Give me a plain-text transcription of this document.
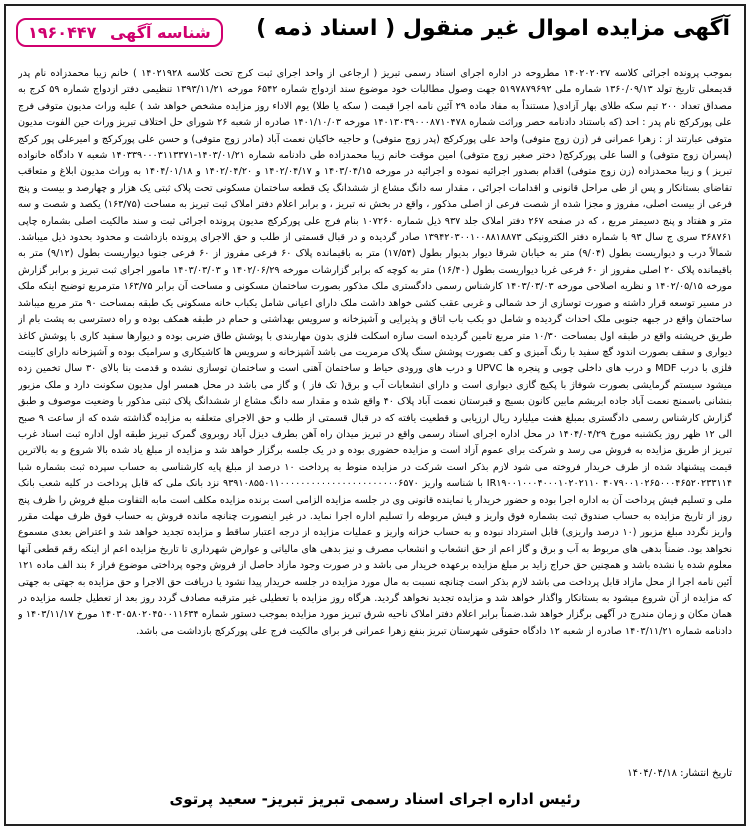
آگهی مزایده اموال غیر منقول ( اسناد ذمه )
شناسه آگهی ۱۹۶۰۴۴۷
بموجب پرونده اجرائی کلاسه ۱۴۰۲۰۲۰۲۷ مطروحه در اداره اجرای اسناد رسمی تبریز ( ارجاعی از واحد اجرای ثبت کرج تحت کلاسه ۱۴۰۲۱۹۲۸ ) خانم زیبا محمدزاده نام پدر قدیمعلی تاریخ تولد ۱۳۶۰/۰۹/۱۳ شماره ملی ۵۱۹۷۸۷۹۶۹۲ جهت وصول مطالبات خود موضوع سند ازدواج شماره ۶۵۴۲ مورخه ۱۳۹۳/۱۱/۲۱ تنظیمی دفتر ازدواج شماره ۵۹ کرج به مصداق تعداد ۲۰۰ تیم سکه طلای بهار آزادی( مستنداً به مفاد ماده ۲۹ آئین نامه اجرا قیمت ( سکه یا طلا) یوم الاداء روز مزایده مشخص خواهد شد ) علیه وراث مدیون متوفی فرج علی پورکرکج نام پدر : احد (که باستناد دادنامه حصر وراثت شماره ۱۴۰۱۳۰۳۹۰۰۰۸۷۱۰۴۷۸ مورخه ۱۴۰۱/۱۰/۰۳ صادره از شعبه ۲۶ شورای حل اختلاف تبریز وراث حین الفوت مدیون متوفی عبارتند از : زهرا عمرانی فر (زن زوج متوفی) واحد علی پورکرکج (پدر زوج متوفی) و حاجیه خاکیان نعمت آباد (مادر زوج متوفی) و حسن علی پورکرکج و امیرعلی پور کرکج (پسران زوج متوفی) و السا علی پورکرکج( دختر صغیر زوج متوفی) امین موقت خانم زیبا محمدزاده طی دادنامه شماره ۱۴۰۳/۰۱/۲۱-۱۴۰۳۳۹۰۰۰۳۱۱۳۳۷۱ شعبه ۷ دادگاه خانواده تبریز ) و زیبا محمدزاده (زن زوج متوفی) اقدام بصدور اجرائیه نموده و اجرائیه در مورخه ۱۴۰۳/۰۴/۱۵ و ۱۴۰۲/۰۴/۱۷ و ۱۴۰۲/۰۴/۲۰ و ۱۴۰۴/۰۱/۱۸ به وراث مدیون ابلاغ و متعاقب تقاضای بستانکار و پس از طی مراحل قانونی و اقدامات اجرائی ، مقدار سه دانگ مشاع از ششدانگ یک قطعه ساختمان مسکونی تحت پلاک ثبتی یک هزار و چهارصد و بیست و پنج فرعی از بیست اصلی، مفروز و مجزا شده از شصت فرعی از اصلی مذکور ، واقع در بخش نه تبریز ، و برابر اعلام دفتر املاک ثبت تبریز به مساحت (۱۶۳/۷۵) یکصد و شصت و سه متر و هفتاد و پنج دسیمتر مربع ، که در صفحه ۲۶۷ دفتر املاک جلد ۹۳۷ ذیل شماره ۱۰۷۲۶۰ بنام فرج علی پورکرکج مدیون پرونده اجرائی ثبت و سند مالکیت اصلی بشماره چاپی ۳۶۸۷۶۱ سری ج سال ۹۳ با شماره دفتر الکترونیکی ۱۳۹۴۲۰۳۰۰۱۰۰۸۸۱۸۸۷۳ صادر گردیده و در قبال قسمتی از طلب و حق الاجرای پرونده بازداشت و محدود بحدود ذیل میباشد. شمالاً درب و دیواریست بطول (۹/۰۴) متر به خیابان شرقا دیوار بدیوار بطول (۱۷/۵۴) متر به باقیمانده پلاک ۶۰ فرعی مفروز از ۶۰ فرعی جنوبا دیواریست بطول (۹/۱۲) متر به باقیمانده پلاک ۲۰ اصلی مفروز از ۶۰ فرعی غربا دیواریست بطول (۱۶/۴۰) متر به کوچه که برابر گزارشات مورخه ۱۴۰۲/۰۶/۲۹ و ۱۴۰۳/۰۳/۰۳ مامور اجرای ثبت تبریز و برابر گزارش مورخه ۱۴۰۲/۰۵/۱۵ و نظریه اصلاحی مورخه ۱۴۰۳/۰۳/۰۳ کارشناس رسمی دادگستری ملک مذکور بصورت ساختمان مسکونی و مساحت آن برابر ۱۶۳/۷۵ مترمربع توضیح اینکه ملک در مسیر توسعه قرار داشته و صورت توسازی از حد شمالی و غربی عقب کشی خواهد داشت ملک دارای اعیانی شامل یکباب خانه مسکونی یک طبقه بمساحت ۹۰ متر مربع میباشد ساختمان واقع در جبهه جنوبی ملک احداث گردیده و شامل دو بکب باب اتاق و پذیرایی و آشپزخانه و سرویس بهداشتی و حمام در طبقه همکف بوده و راه دسترسی به پشت بام از طریق خرپشته واقع در طبقه اول بمساحت ۱۰/۳۰ متر مربع تامین گردیده است سازه اسکلت فلزی بدون مهاربندی با پوشش طاق ضربی بوده و دیوارها سفید کاری با پوشش کاغذ دیواری و سقف بصورت اندود گچ سفید با رنگ آمیزی و کف بصورت پوشش سنگ پلاک مرمریت می باشد آشپزخانه و سرویس ها کاشیکاری و سرامیک بوده و آشپزخانه دارای کابینت فلزی با درب MDF و درب های داخلی چوبی و پنجره ها UPVC و درب های ورودی حیاط و ساختمان آهنی است و ساختمان توسازی نشده و قدمت بنا بالای ۳۰ سال تخمین زده میشود سیستم گرمایشی بصورت شوفاژ با پکیج گازی دیواری است و دارای انشعابات آب و برق( تک فاز ) و گاز می باشد در محل همسر اول مدیون سکونت دارد و ملک مزبور بنشانی باسمنج نعمت آباد جاده ابریشم مابین کانون بسیج و قبرستان نعمت آباد پلاک ۴۰ واقع شده و مقدار سه دانگ مشاع از ششدانگ پلاک ثبتی مذکور با وضعیت موصوف و طبق گزارش کارشناس رسمی دادگستری بمبلغ هفت میلیارد ریال ارزیابی و قطعیت یافته که در قبال قسمتی از طلب و حق الاجرای متعلقه به مزایده گذاشته شده که از ساعت ۹ صبح الی ۱۲ ظهر روز یکشنبه مورخ ۱۴۰۴/۰۴/۲۹ در محل اداره اجرای اسناد رسمی واقع در تبریز میدان راه آهن بطرف دیزل آباد روبروی گمرک تبریز طبقه اول اداره ثبت اسناد غرب تبریز از طریق مزایده به فروش می رسد و شرکت برای عموم آزاد است و مزایده حضوری بوده و در یک جلسه برگزار خواهد شد و مزایده از مبلغ یاد شده بالا شروع و به بالاترین قیمت پیشنهاد شده از طرف خریدار فروخته می شود لازم بذکر است شرکت در مزایده منوط به پرداخت ۱۰ درصد از مبلغ پایه کارشناسی به حساب سپرده ثبت بشماره شبا ۴۰۷۹۰۰۱۰۲۶۵۰۰۰۴۶۵۲۰۲۳۳۱۱۴ IR۱۹۰۰۱۰۰۰۴۰۰۰۱۰۲۰۲۱۱۰ با شناسه واریز ۹۳۹۱۰۸۵۵۰۱۱۰۰۰۰۰۰۰۰۰۰۰۰۰۰۰۰۰۰۰۰۰۰۰۶۵۷۰ نزد بانک ملی که قابل پرداخت در کلیه شعب بانک ملی و تسلیم فیش پرداخت آن به اداره اجرا بوده و حضور خریدار یا نماینده قانونی وی در جلسه مزایده الزامی است برنده مزایده مکلف است مابه التفاوت مبلغ فروش را ظرف پنج روز از تاریخ مزایده به حساب صندوق ثبت بشماره فوق واریز و فیش مربوطه را تسلیم اداره اجرا نماید. در غیر اینصورت چنانچه مانده فروش به حساب فوق ظرف مهلت مقرر واریز نگردد مبلغ مزبور (۱۰ درصد واریزی) قابل استرداد نبوده و به حساب خزانه واریز و عملیات مزایده از درجه اعتبار ساقط و مزایده تجدید خواهد شد و اعتراض بعدی مسموع نخواهد بود. ضمناً بدهی های مربوط به آب و برق و گاز اعم از حق انشعاب و انشعاب مصرف و نیز بدهی های مالیاتی و عوارض شهرداری تا تاریخ مزایده اعم از اینکه رقم قطعی آنها معلوم شده یا نشده باشد و همچنین حق حراج زاید بر مبلغ مزایده برعهده خریدار می باشد و در صورت وجود مازاد حاصل از فروش وجوه پرداختی موضوع فراز ۶ بند الف ماده ۱۲۱ آئین نامه اجرا از محل مازاد قابل پرداخت می باشد لازم بذکر است چنانچه نسبت به مال مورد مزایده در جلسه خریدار پیدا نشود یا دریافت حق الاجرا و حق مزایده به جهتی به جهتی که مزایده از آن شروع میشود به بستانکار واگذار خواهد شد و مزایده تجدید نخواهد گردید. هرگاه روز مزایده با تعطیلی غیر مترقبه مصادف گردد روز بعد از تعطیل جلسه مزایده در همان مکان و زمان مندرج در آگهی برگزار خواهد شد.ضمناً برابر اعلام دفتر املاک ناحیه شرق تبریز مورد مزایده بموجب دستور شماره ۱۴۰۳۰۵۸۰۲۰۴۵۰۰۱۱۶۳۴ مورخ ۱۴۰۳/۱۱/۱۷ و دادنامه شماره ۱۴۰۳/۱۱/۲۱ صادره از شعبه ۱۲ دادگاه حقوقی شهرستان تبریز بنفع زهرا عمرانی فر برای مالکیت فرج علی پورکرکج بازداشت می باشد.
تاریخ انتشار: ۱۴۰۴/۰۴/۱۸
رئیس اداره اجرای اسناد رسمی تبریز تبریز- سعید پرتوی
